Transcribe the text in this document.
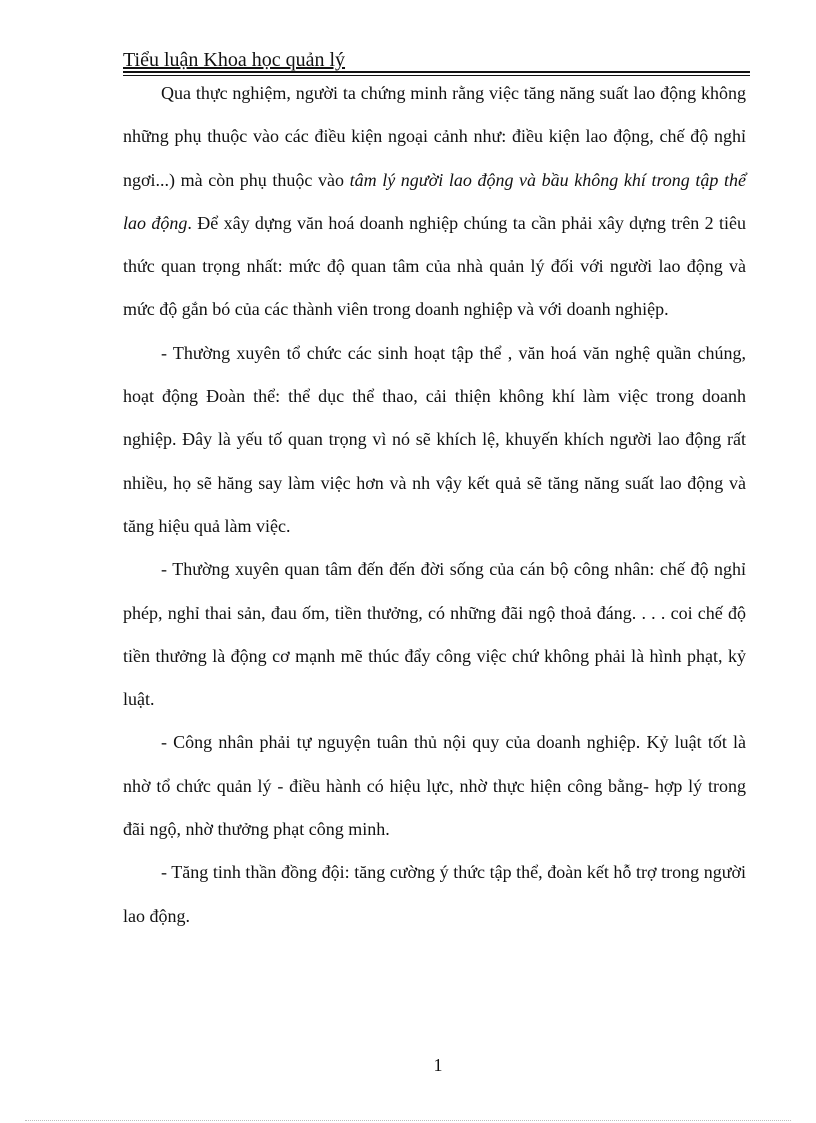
Tiểu luận Khoa học quản lý

Qua thực nghiệm, người ta chứng minh rằng việc tăng năng suất lao động không những phụ thuộc vào các điều kiện ngoại cảnh như: điều kiện lao động, chế độ nghỉ ngơi...) mà còn phụ thuộc vào tâm lý người lao động và bầu không khí trong tập thể lao động. Để xây dựng văn hoá doanh nghiệp chúng ta cần phải xây dựng trên 2 tiêu thức quan trọng nhất: mức độ quan tâm của nhà quản lý đối với người lao động và mức độ gắn bó của các thành viên trong doanh nghiệp và với doanh nghiệp.

- Thường xuyên tổ chức các sinh hoạt tập thể , văn hoá văn nghệ quần chúng, hoạt động Đoàn thể: thể dục thể thao, cải thiện không khí làm việc trong doanh nghiệp. Đây là yếu tố quan trọng vì nó sẽ khích lệ, khuyến khích người lao động rất nhiều, họ sẽ hăng say làm việc hơn và nh vậy kết quả sẽ tăng năng suất lao động và tăng hiệu quả làm việc.

- Thường xuyên quan tâm đến đến đời sống của cán bộ công nhân: chế độ nghỉ phép, nghỉ thai sản, đau ốm, tiền thưởng, có những đãi ngộ thoả đáng. . . . coi chế độ tiền thưởng là động cơ mạnh mẽ thúc đẩy công việc chứ không phải là hình phạt, kỷ luật.

- Công nhân phải tự nguyện tuân thủ nội quy của doanh nghiệp. Kỷ luật tốt là nhờ tổ chức quản lý - điều hành có hiệu lực, nhờ thực hiện công bằng- hợp lý trong đãi ngộ, nhờ thưởng phạt công minh.

- Tăng tinh thần đồng đội: tăng cường ý thức tập thể, đoàn kết hỗ trợ trong người lao động.

1
